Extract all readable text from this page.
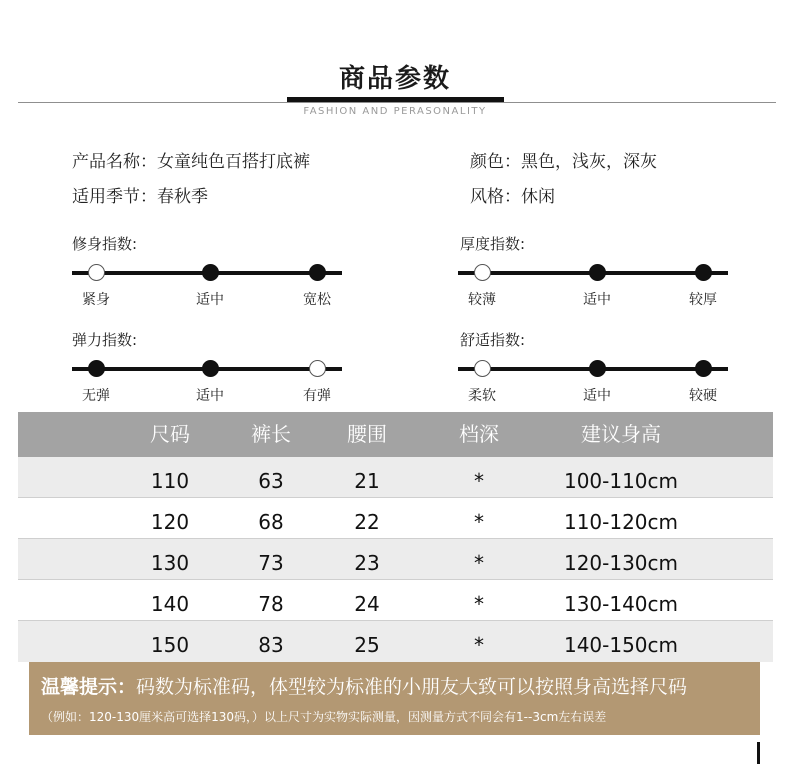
商品参数
FASHION AND PERASONALITY
产品名称：女童纯色百搭打底裤
适用季节：春秋季
颜色：黑色，浅灰，深灰
风格：休闲
修身指数:
紧身	适中	宽松
厚度指数:
较薄	适中	较厚
弹力指数:
无弹	适中	有弹
舒适指数:
柔软	适中	较硬
尺码	裤长	腰围	档深	建议身高
110	63	21	*	100-110cm
120	68	22	*	110-120cm
130	73	23	*	120-130cm
140	78	24	*	130-140cm
150	83	25	*	140-150cm
温馨提示：码数为标准码，体型较为标准的小朋友大致可以按照身高选择尺码
（例如：120-130厘米高可选择130码，）以上尺寸为实物实际测量，因测量方式不同会有1--3cm左右误差
